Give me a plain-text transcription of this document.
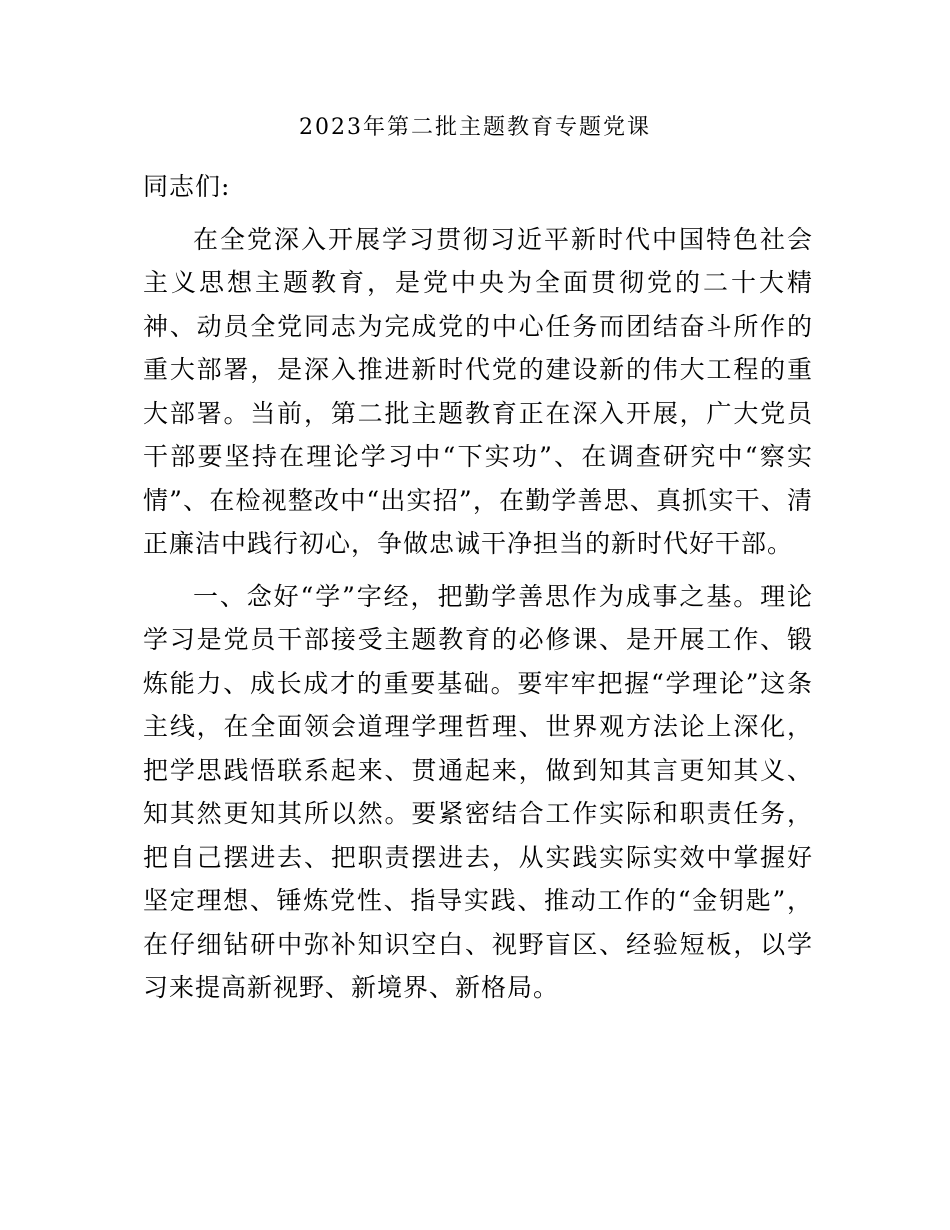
2023年第二批主题教育专题党课

同志们:

在全党深入开展学习贯彻习近平新时代中国特色社会主义思想主题教育，是党中央为全面贯彻党的二十大精神、动员全党同志为完成党的中心任务而团结奋斗所作的重大部署，是深入推进新时代党的建设新的伟大工程的重大部署。当前，第二批主题教育正在深入开展，广大党员干部要坚持在理论学习中“下实功”、在调查研究中“察实情”、在检视整改中“出实招”，在勤学善思、真抓实干、清正廉洁中践行初心，争做忠诚干净担当的新时代好干部。

一、念好“学”字经，把勤学善思作为成事之基。理论学习是党员干部接受主题教育的必修课、是开展工作、锻炼能力、成长成才的重要基础。要牢牢把握“学理论”这条主线，在全面领会道理学理哲理、世界观方法论上深化，把学思践悟联系起来、贯通起来，做到知其言更知其义、知其然更知其所以然。要紧密结合工作实际和职责任务，把自己摆进去、把职责摆进去，从实践实际实效中掌握好坚定理想、锤炼党性、指导实践、推动工作的“金钥匙”，在仔细钻研中弥补知识空白、视野盲区、经验短板，以学习来提高新视野、新境界、新格局。
